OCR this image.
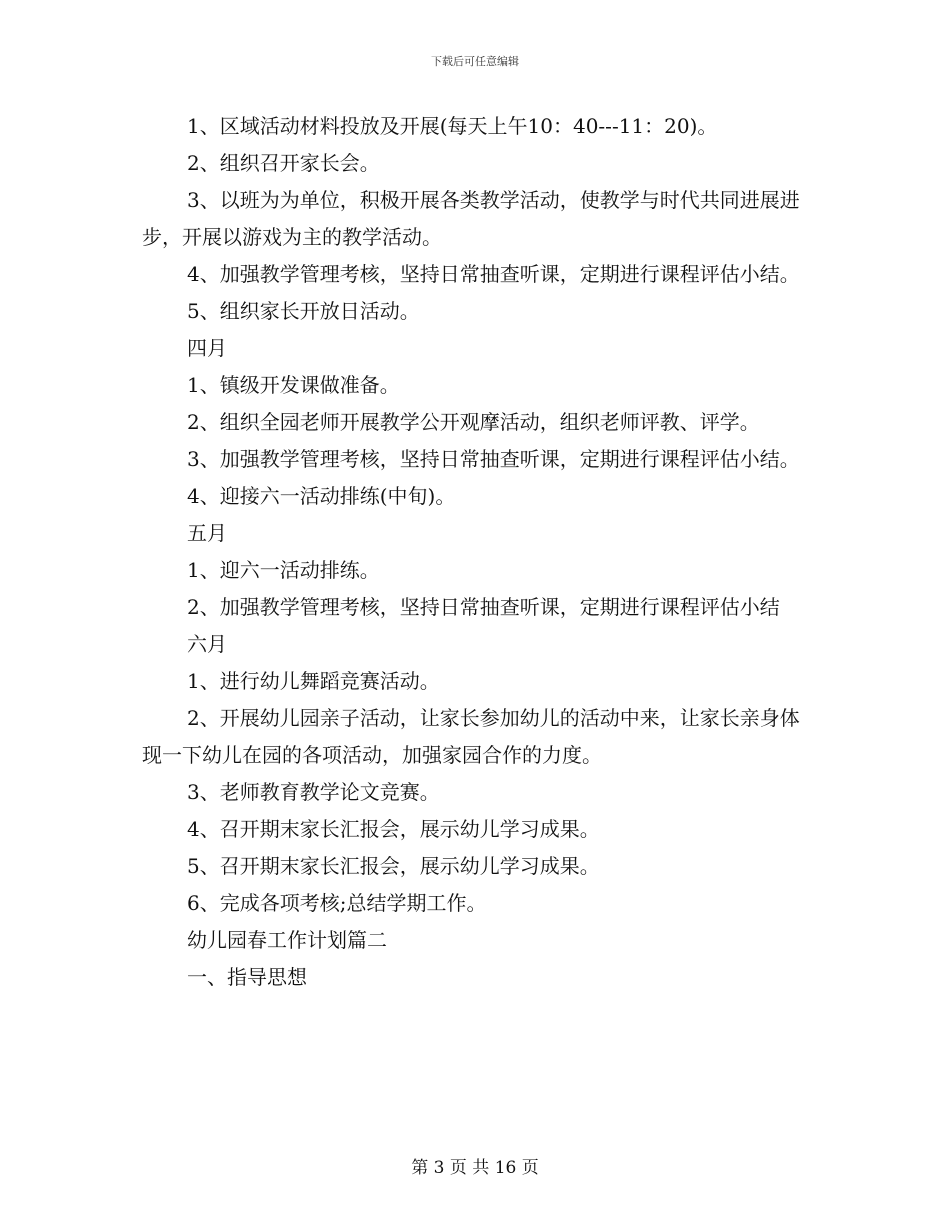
下载后可任意编辑

1、区域活动材料投放及开展(每天上午10：40---11：20)。

2、组织召开家长会。

3、以班为为单位，积极开展各类教学活动，使教学与时代共同进展进步，开展以游戏为主的教学活动。

4、加强教学管理考核，坚持日常抽查听课，定期进行课程评估小结。

5、组织家长开放日活动。

四月

1、镇级开发课做准备。

2、组织全园老师开展教学公开观摩活动，组织老师评教、评学。

3、加强教学管理考核，坚持日常抽查听课，定期进行课程评估小结。

4、迎接六一活动排练(中旬)。

五月

1、迎六一活动排练。

2、加强教学管理考核，坚持日常抽查听课，定期进行课程评估小结

六月

1、进行幼儿舞蹈竞赛活动。

2、开展幼儿园亲子活动，让家长参加幼儿的活动中来，让家长亲身体现一下幼儿在园的各项活动，加强家园合作的力度。

3、老师教育教学论文竞赛。

4、召开期末家长汇报会，展示幼儿学习成果。

5、召开期末家长汇报会，展示幼儿学习成果。

6、完成各项考核;总结学期工作。

幼儿园春工作计划篇二

一、指导思想

第 3 页 共 16 页
